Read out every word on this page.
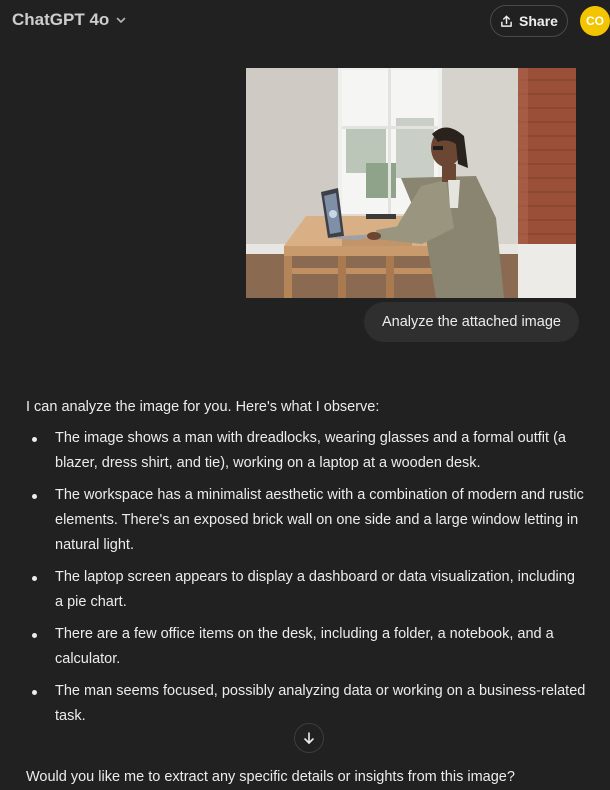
ChatGPT 4o	Share CO
Analyze the attached image

I can analyze the image for you. Here's what I observe:

The image shows a man with dreadlocks, wearing glasses and a formal outfit (a blazer, dress shirt, and tie), working on a laptop at a wooden desk.
The workspace has a minimalist aesthetic with a combination of modern and rustic elements. There's an exposed brick wall on one side and a large window letting in natural light.
The laptop screen appears to display a dashboard or data visualization, including a pie chart.
There are a few office items on the desk, including a folder, a notebook, and a calculator.
The man seems focused, possibly analyzing data or working on a business-related task.

Would you like me to extract any specific details or insights from this image?
